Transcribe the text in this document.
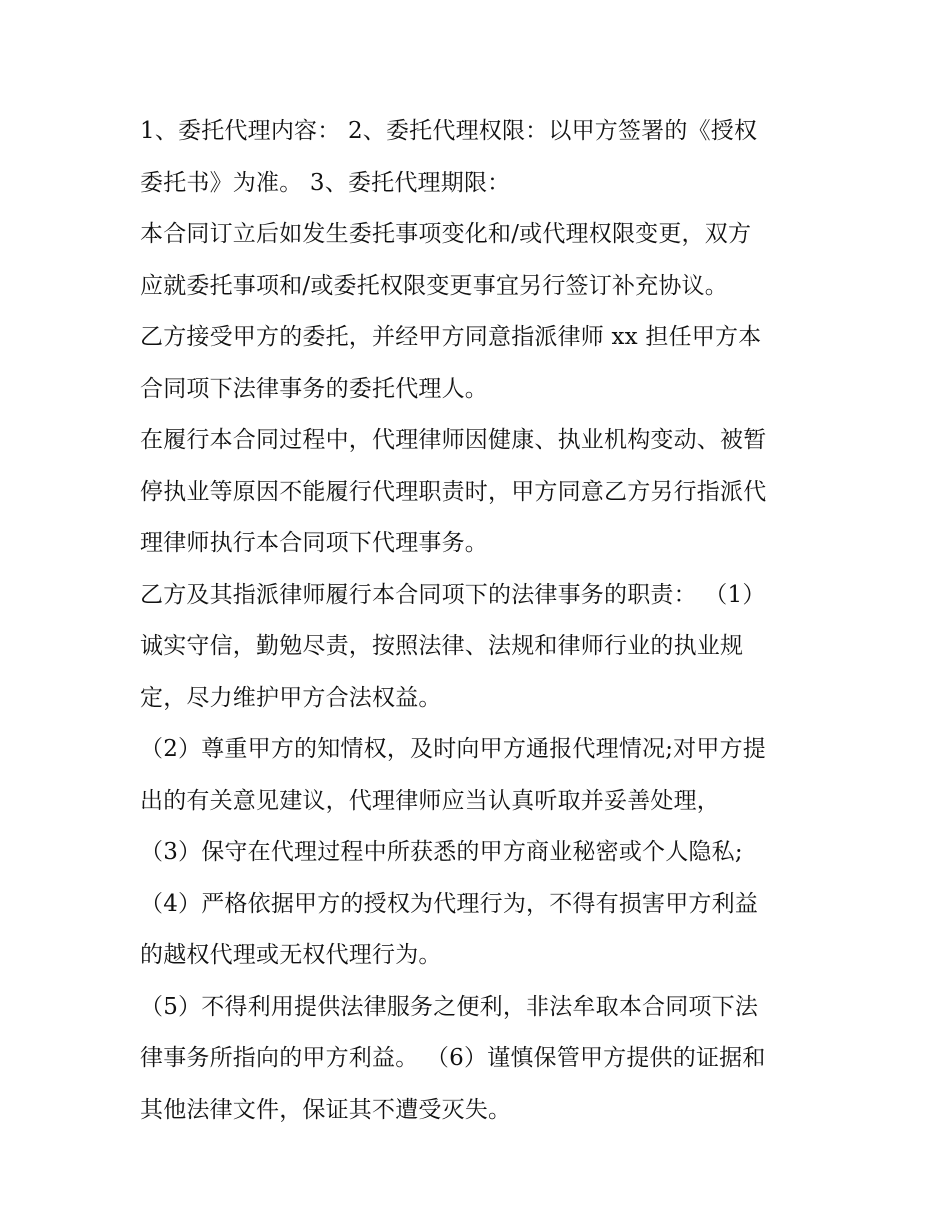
1、委托代理内容： 2、委托代理权限：以甲方签署的《授权
委托书》为准。 3、委托代理期限：
本合同订立后如发生委托事项变化和/或代理权限变更，双方
应就委托事项和/或委托权限变更事宜另行签订补充协议。
乙方接受甲方的委托，并经甲方同意指派律师 xx 担任甲方本
合同项下法律事务的委托代理人。
在履行本合同过程中，代理律师因健康、执业机构变动、被暂
停执业等原因不能履行代理职责时，甲方同意乙方另行指派代
理律师执行本合同项下代理事务。
乙方及其指派律师履行本合同项下的法律事务的职责： （1）
诚实守信，勤勉尽责，按照法律、法规和律师行业的执业规
定，尽力维护甲方合法权益。
（2）尊重甲方的知情权，及时向甲方通报代理情况;对甲方提
出的有关意见建议，代理律师应当认真听取并妥善处理，
（3）保守在代理过程中所获悉的甲方商业秘密或个人隐私;
（4）严格依据甲方的授权为代理行为，不得有损害甲方利益
的越权代理或无权代理行为。
（5）不得利用提供法律服务之便利，非法牟取本合同项下法
律事务所指向的甲方利益。 （6）谨慎保管甲方提供的证据和
其他法律文件，保证其不遭受灭失。
